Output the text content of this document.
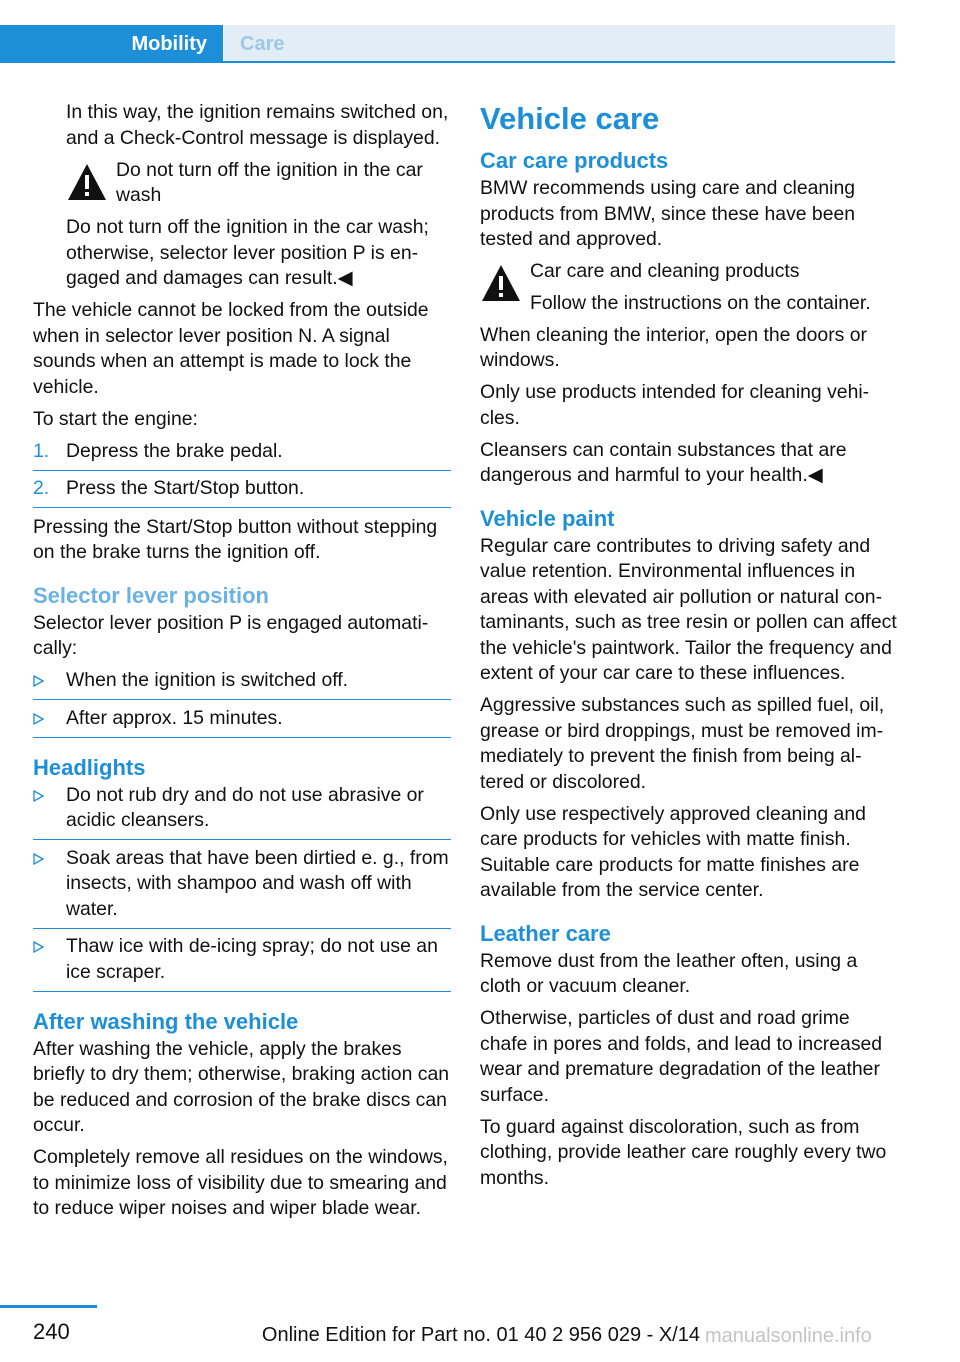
Mobility	Care

In this way, the ignition remains switched on, and a Check-Control message is displayed.

Do not turn off the ignition in the car wash

Do not turn off the ignition in the car wash; otherwise, selector lever position P is engaged and damages can result.◀

The vehicle cannot be locked from the outside when in selector lever position N. A signal sounds when an attempt is made to lock the vehicle.

To start the engine:

1. Depress the brake pedal.
2. Press the Start/Stop button.

Pressing the Start/Stop button without stepping on the brake turns the ignition off.

Selector lever position

Selector lever position P is engaged automatically:

When the ignition is switched off.
After approx. 15 minutes.
Headlights
Do not rub dry and do not use abrasive or acidic cleansers.
Soak areas that have been dirtied e. g., from insects, with shampoo and wash off with water.
Thaw ice with de-icing spray; do not use an ice scraper.
After washing the vehicle

After washing the vehicle, apply the brakes briefly to dry them; otherwise, braking action can be reduced and corrosion of the brake discs can occur.

Completely remove all residues on the windows, to minimize loss of visibility due to smearing and to reduce wiper noises and wiper blade wear.

Vehicle care
Car care products

BMW recommends using care and cleaning products from BMW, since these have been tested and approved.

Car care and cleaning products
Follow the instructions on the container.

When cleaning the interior, open the doors or windows.

Only use products intended for cleaning vehicles.

Cleansers can contain substances that are dangerous and harmful to your health.◀

Vehicle paint

Regular care contributes to driving safety and value retention. Environmental influences in areas with elevated air pollution or natural contaminants, such as tree resin or pollen can affect the vehicle's paintwork. Tailor the frequency and extent of your car care to these influences.

Aggressive substances such as spilled fuel, oil, grease or bird droppings, must be removed immediately to prevent the finish from being altered or discolored.

Only use respectively approved cleaning and care products for vehicles with matte finish. Suitable care products for matte finishes are available from the service center.

Leather care

Remove dust from the leather often, using a cloth or vacuum cleaner.

Otherwise, particles of dust and road grime chafe in pores and folds, and lead to increased wear and premature degradation of the leather surface.

To guard against discoloration, such as from clothing, provide leather care roughly every two months.

240	Online Edition for Part no. 01 40 2 956 029 - X/14 manualsonline.info
